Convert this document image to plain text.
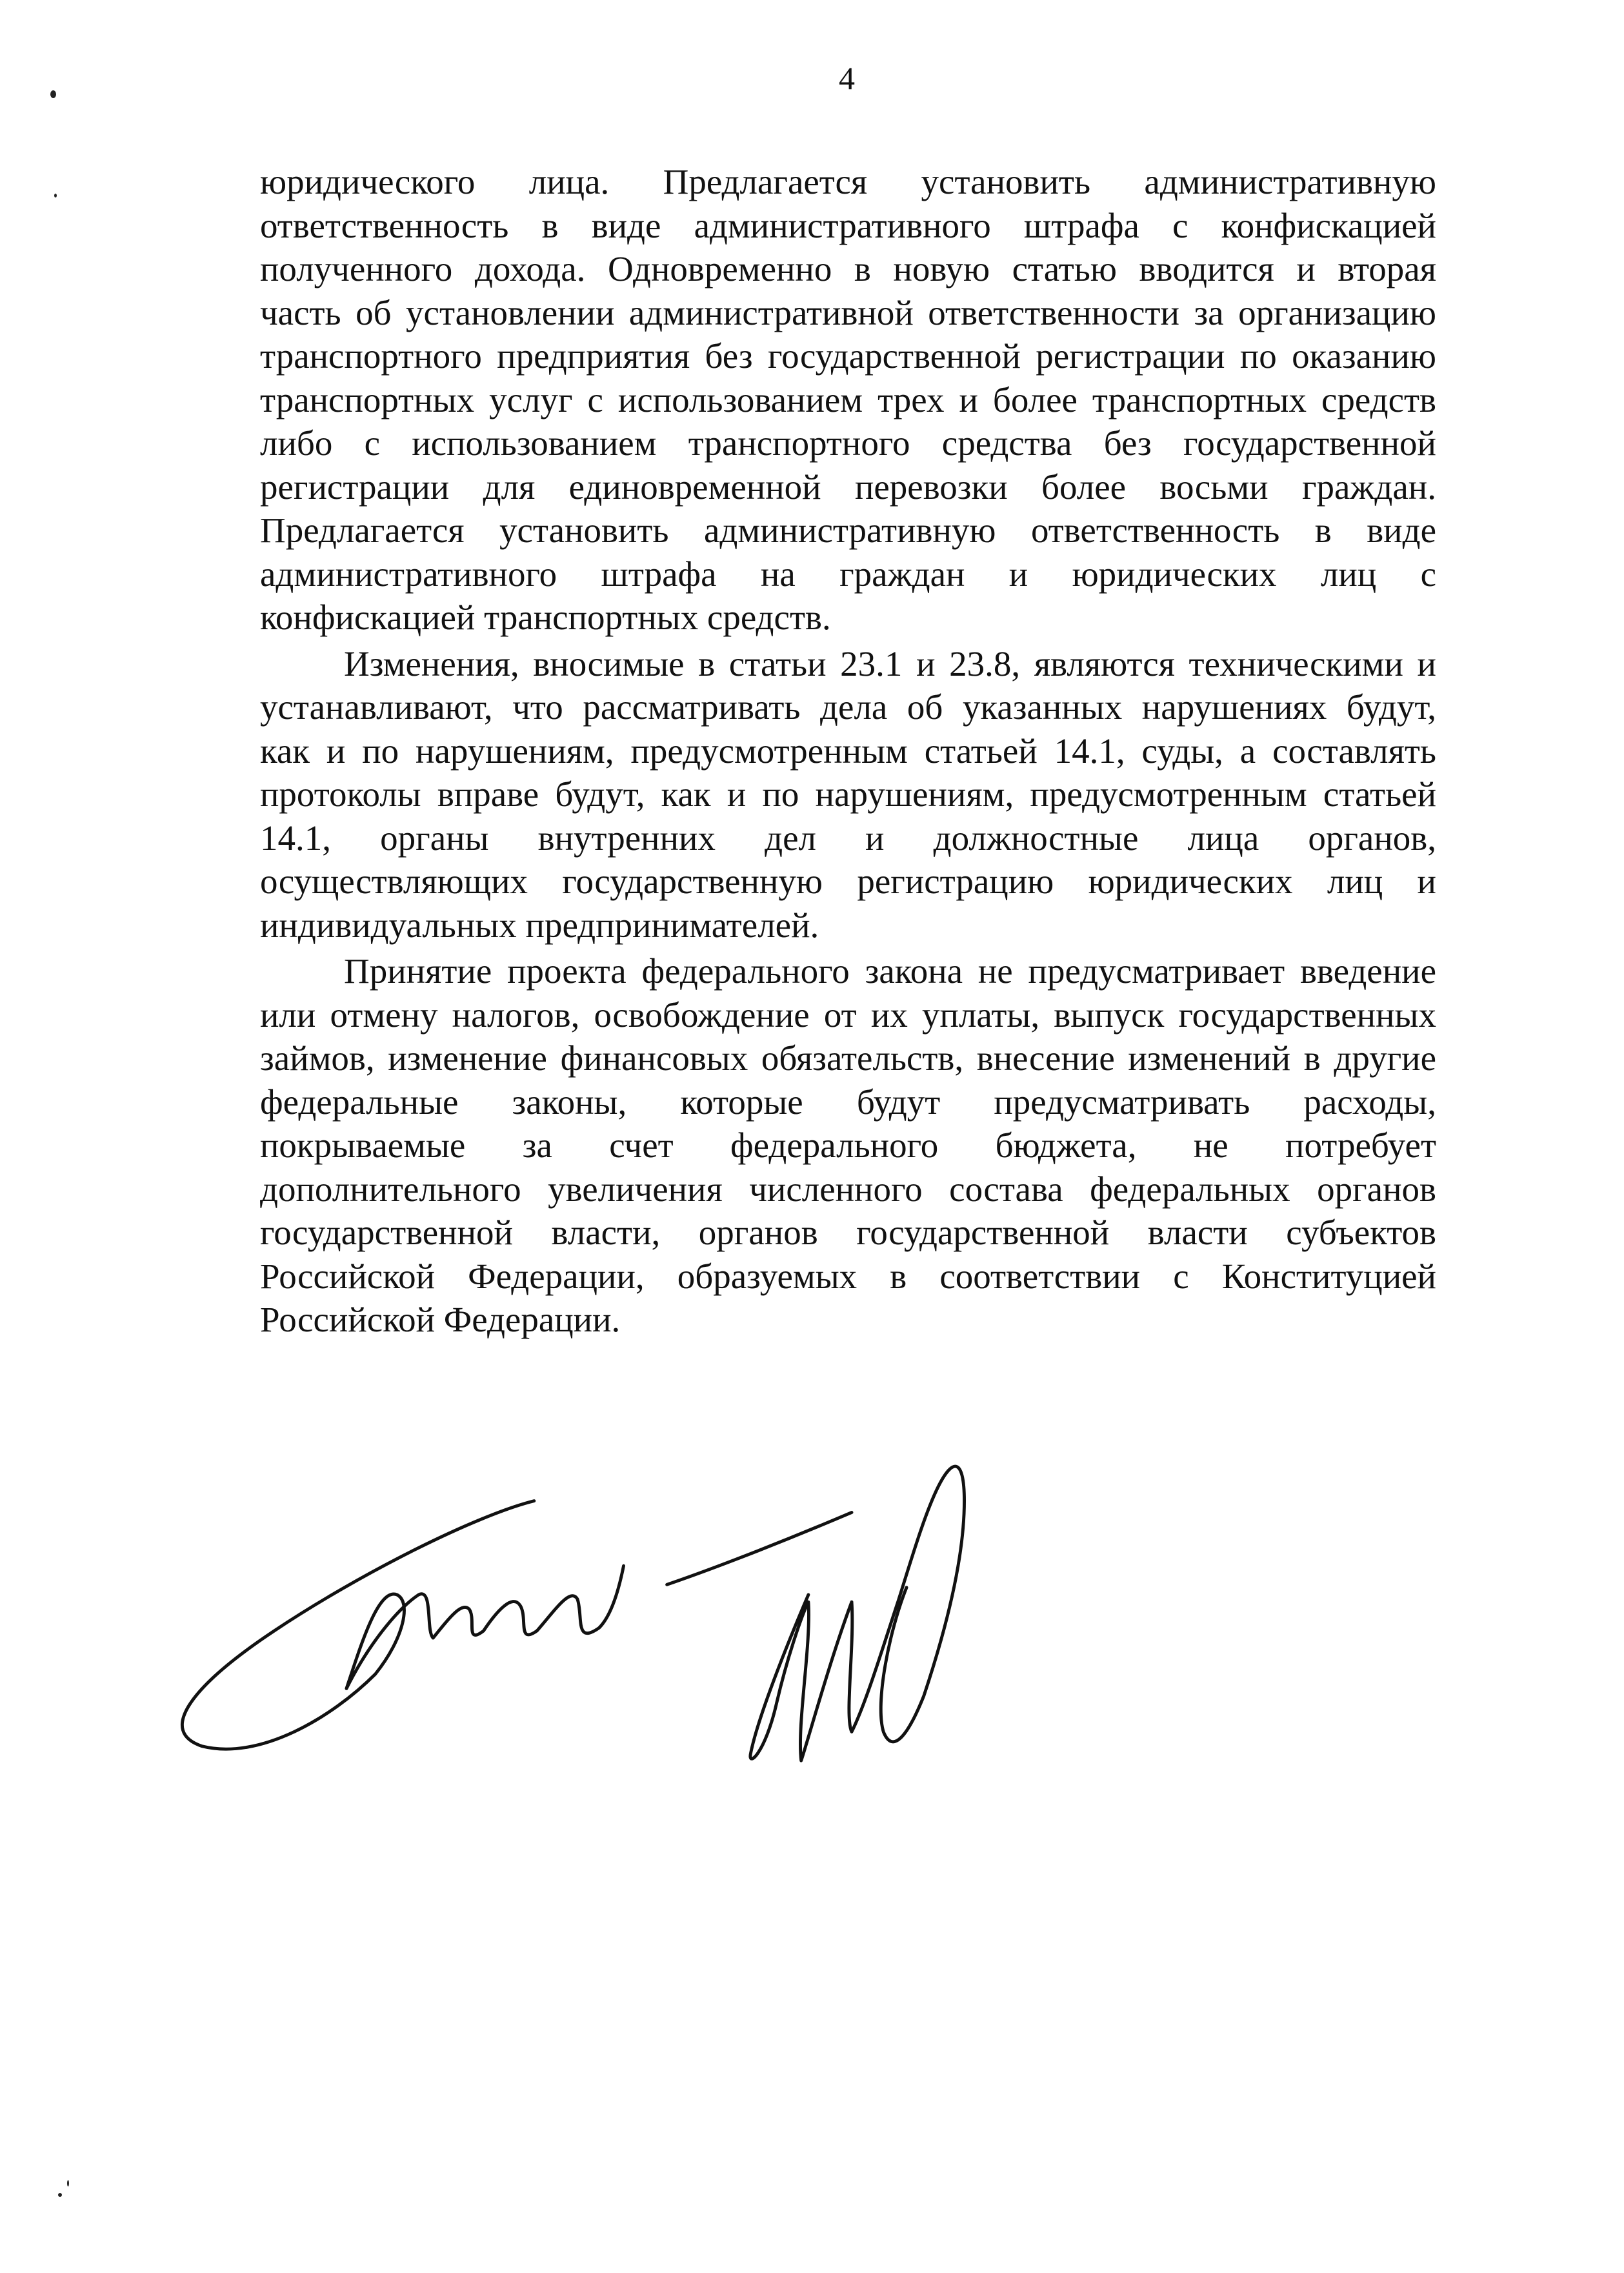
4
юридического лица. Предлагается установить административную
ответственность в виде административного штрафа с конфискацией
полученного дохода. Одновременно в новую статью вводится и вторая
часть об установлении административной ответственности за организацию
транспортного предприятия без государственной регистрации по оказанию
транспортных услуг с использованием трех и более транспортных средств
либо с использованием транспортного средства без государственной
регистрации для единовременной перевозки более восьми граждан.
Предлагается установить административную ответственность в виде
административного штрафа на граждан и юридических лиц с
конфискацией транспортных средств.
Изменения, вносимые в статьи 23.1 и 23.8, являются техническими и
устанавливают, что рассматривать дела об указанных нарушениях будут,
как и по нарушениям, предусмотренным статьей 14.1, суды, а составлять
протоколы вправе будут, как и по нарушениям, предусмотренным статьей
14.1, органы внутренних дел и должностные лица органов,
осуществляющих государственную регистрацию юридических лиц и
индивидуальных предпринимателей.
Принятие проекта федерального закона не предусматривает введение
или отмену налогов, освобождение от их уплаты, выпуск государственных
займов, изменение финансовых обязательств, внесение изменений в другие
федеральные законы, которые будут предусматривать расходы,
покрываемые за счет федерального бюджета, не потребует
дополнительного увеличения численного состава федеральных органов
государственной власти, органов государственной власти субъектов
Российской Федерации, образуемых в соответствии с Конституцией
Российской Федерации.
